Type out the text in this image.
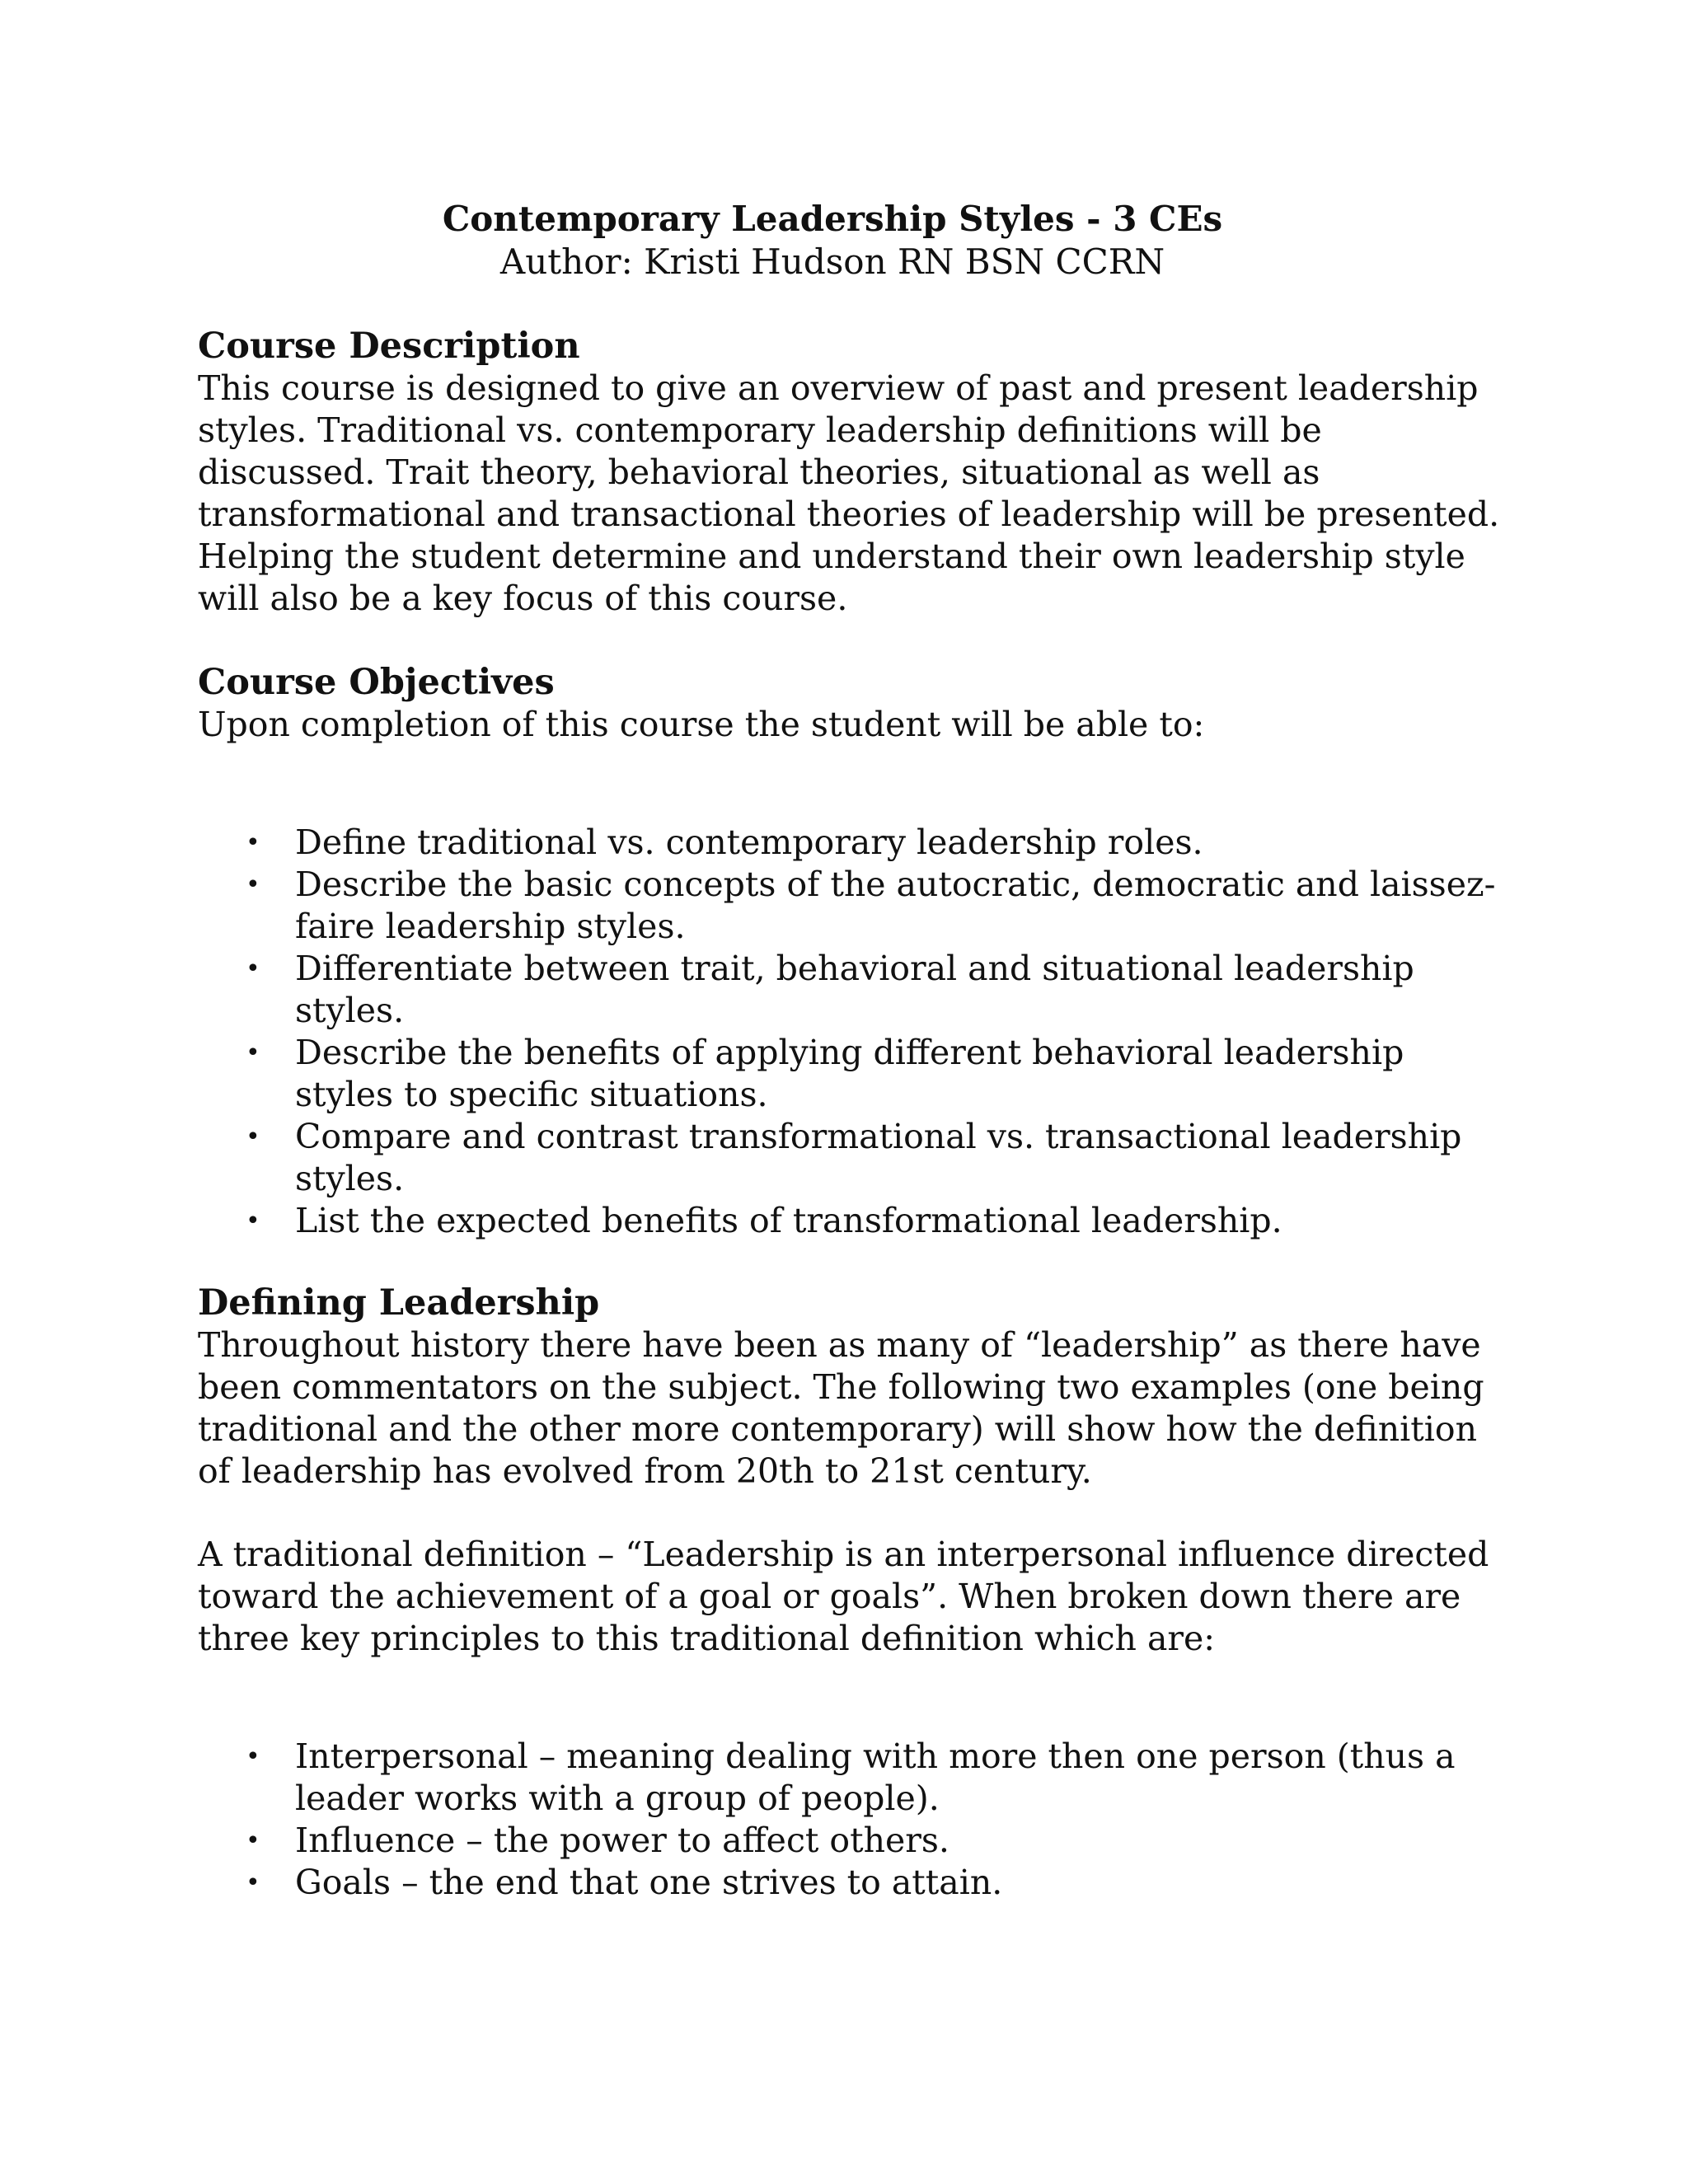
Contemporary Leadership Styles - 3 CEs

Author: Kristi Hudson RN BSN CCRN

Course Description

This course is designed to give an overview of past and present leadership styles. Traditional vs. contemporary leadership definitions will be discussed. Trait theory, behavioral theories, situational as well as transformational and transactional theories of leadership will be presented. Helping the student determine and understand their own leadership style will also be a key focus of this course.

Course Objectives

Upon completion of this course the student will be able to:

• Define traditional vs. contemporary leadership roles.
• Describe the basic concepts of the autocratic, democratic and laissez-faire leadership styles.
• Differentiate between trait, behavioral and situational leadership styles.
• Describe the benefits of applying different behavioral leadership styles to specific situations.
• Compare and contrast transformational vs. transactional leadership styles.
• List the expected benefits of transformational leadership.
Defining Leadership

Throughout history there have been as many of “leadership” as there have been commentators on the subject. The following two examples (one being traditional and the other more contemporary) will show how the definition of leadership has evolved from 20th to 21st century.

A traditional definition – “Leadership is an interpersonal influence directed toward the achievement of a goal or goals”. When broken down there are three key principles to this traditional definition which are:

• Interpersonal – meaning dealing with more then one person (thus a leader works with a group of people).
• Influence – the power to affect others.
• Goals – the end that one strives to attain.
